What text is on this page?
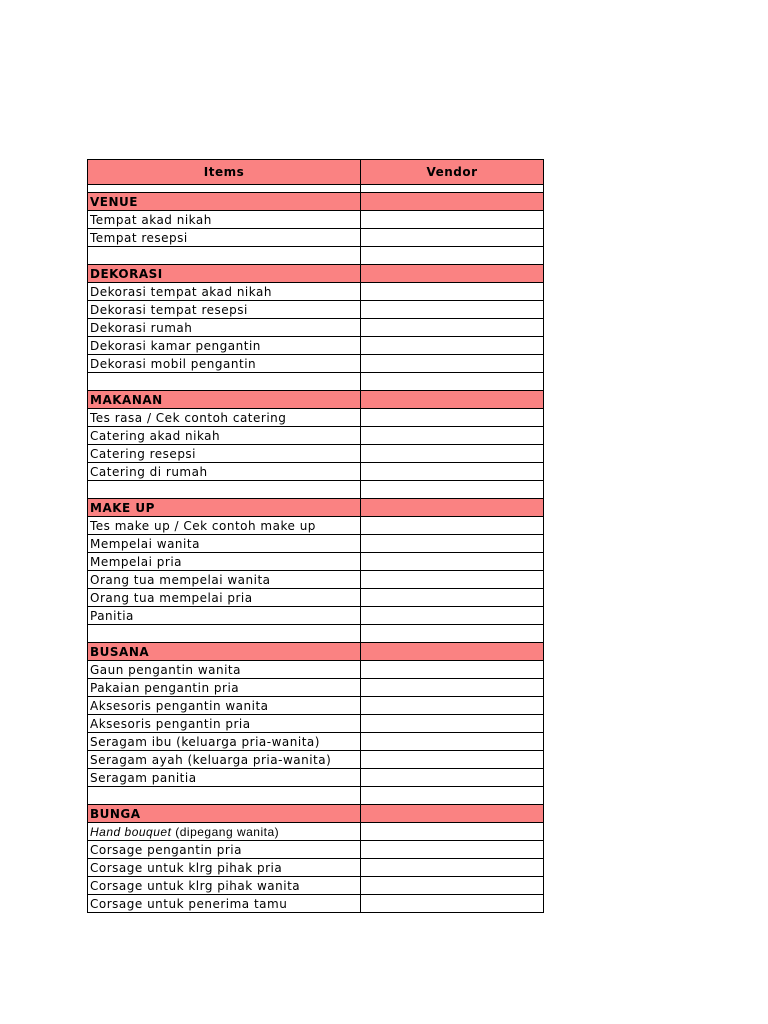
Items	Vendor

VENUE	
Tempat akad nikah	
Tempat resepsi	

DEKORASI	
Dekorasi tempat akad nikah	
Dekorasi tempat resepsi	
Dekorasi rumah	
Dekorasi kamar pengantin	
Dekorasi mobil pengantin	

MAKANAN	
Tes rasa / Cek contoh catering	
Catering akad nikah	
Catering resepsi	
Catering di rumah	

MAKE UP	
Tes make up / Cek contoh make up	
Mempelai wanita	
Mempelai pria	
Orang tua mempelai wanita	
Orang tua mempelai pria	
Panitia	

BUSANA	
Gaun pengantin wanita	
Pakaian pengantin pria	
Aksesoris pengantin wanita	
Aksesoris pengantin pria	
Seragam ibu (keluarga pria-wanita)	
Seragam ayah (keluarga pria-wanita)	
Seragam panitia	

BUNGA	
Hand bouquet (dipegang wanita)	
Corsage pengantin pria	
Corsage untuk klrg pihak pria	
Corsage untuk klrg pihak wanita	
Corsage untuk penerima tamu	
